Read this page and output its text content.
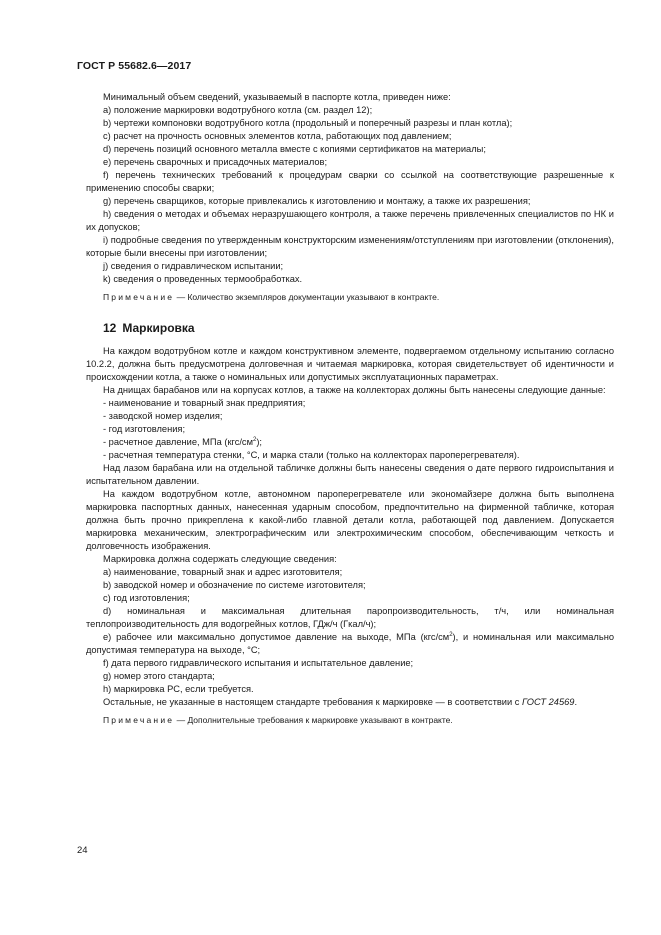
ГОСТ Р 55682.6—2017

Минимальный объем сведений, указываемый в паспорте котла, приведен ниже:

а) положение маркировки водотрубного котла (см. раздел 12);

b) чертежи компоновки водотрубного котла (продольный и поперечный разрезы и план котла);

с) расчет на прочность основных элементов котла, работающих под давлением;

d) перечень позиций основного металла вместе с копиями сертификатов на материалы;

е) перечень сварочных и присадочных материалов;

f) перечень технических требований к процедурам сварки со ссылкой на соответствующие разрешенные к применению способы сварки;

g) перечень сварщиков, которые привлекались к изготовлению и монтажу, а также их разрешения;

h) сведения о методах и объемах неразрушающего контроля, а также перечень привлеченных специалистов по НК и их допусков;

i) подробные сведения по утвержденным конструкторским изменениям/отступлениям при изготовлении (отклонения), которые были внесены при изготовлении;

j) сведения о гидравлическом испытании;

k) сведения о проведенных термообработках.

Примечание — Количество экземпляров документации указывают в контракте.

12 Маркировка

На каждом водотрубном котле и каждом конструктивном элементе, подвергаемом отдельному испытанию согласно 10.2.2, должна быть предусмотрена долговечная и читаемая маркировка, которая свидетельствует об идентичности и происхождении котла, а также о номинальных или допустимых эксплуатационных параметрах.

На днищах барабанов или на корпусах котлов, а также на коллекторах должны быть нанесены следующие данные:

- наименование и товарный знак предприятия;

- заводской номер изделия;

- год изготовления;

- расчетное давление, МПа $(кгс/см^2)$;

- расчетная температура стенки, °С, и марка стали (только на коллекторах пароперегревателя).

Над лазом барабана или на отдельной табличке должны быть нанесены сведения о дате первого гидроиспытания и испытательном давлении.

На каждом водотрубном котле, автономном пароперегревателе или экономайзере должна быть выполнена маркировка паспортных данных, нанесенная ударным способом, предпочтительно на фирменной табличке, которая должна быть прочно прикреплена к какой-либо главной детали котла, работающей под давлением. Допускается маркировка механическим, электрографическим или электрохимическим способом, обеспечивающим четкость и долговечность изображения.

Маркировка должна содержать следующие сведения:

а) наименование, товарный знак и адрес изготовителя;

b) заводской номер и обозначение по системе изготовителя;

с) год изготовления;

d) номинальная и максимальная длительная паропроизводительность, т/ч, или номинальная теплопроизводительность для водогрейных котлов, ГДж/ч (Гкал/ч);

е) рабочее или максимально допустимое давление на выходе, МПа $(кгс/см^2)$, и номинальная или максимально допустимая температура на выходе, °С;

f) дата первого гидравлического испытания и испытательное давление;

g) номер этого стандарта;

h) маркировка РС, если требуется.

Остальные, не указанные в настоящем стандарте требования к маркировке — в соответствии с ГОСТ 24569.

Примечание — Дополнительные требования к маркировке указывают в контракте.

24
